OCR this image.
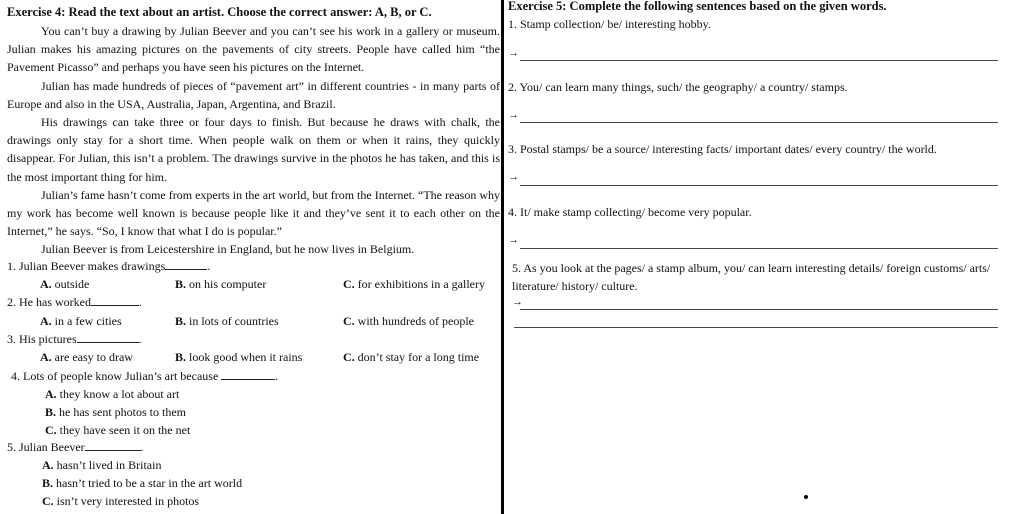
Exercise 4: Read the text about an artist. Choose the correct answer: A, B, or C.

You can’t buy a drawing by Julian Beever and you can’t see his work in a gallery or museum. Julian makes his amazing pictures on the pavements of city streets. People have called him “the Pavement Picasso” and perhaps you have seen his pictures on the Internet.

Julian has made hundreds of pieces of “pavement art” in different countries - in many parts of Europe and also in the USA, Australia, Japan, Argentina, and Brazil.

His drawings can take three or four days to finish. But because he draws with chalk, the drawings only stay for a short time. When people walk on them or when it rains, they quickly disappear. For Julian, this isn’t a problem. The drawings survive in the photos he has taken, and this is the most important thing for him.

Julian’s fame hasn’t come from experts in the art world, but from the Internet. “The reason why my work has become well known is because people like it and they’ve sent it to each other on the Internet,” he says. “So, I know that what I do is popular.”

Julian Beever is from Leicestershire in England, but he now lives in Belgium.

1. Julian Beever makes drawings	.
A. outside	B. on his computer	C. for exhibitions in a gallery
2. He has worked	.
A. in a few cities	B. in lots of countries	C. with hundreds of people
3. His pictures	.
A. are easy to draw	B. look good when it rains	C. don’t stay for a long time
4. Lots of people know Julian’s art because	.
A. they know a lot about art
B. he has sent photos to them
C. they have seen it on the net
5. Julian Beever	.
A. hasn’t lived in Britain
B. hasn’t tried to be a star in the art world
C. isn’t very interested in photos
Exercise 5: Complete the following sentences based on the given words.
1. Stamp collection/ be/ interesting hobby.
→
2. You/ can learn many things, such/ the geography/ a country/ stamps.
→
3. Postal stamps/ be a source/ interesting facts/ important dates/ every country/ the world.
→
4. It/ make stamp collecting/ become very popular.
→
5. As you look at the pages/ a stamp album, you/ can learn interesting details/ foreign customs/ arts/
literature/ history/ culture.
→
